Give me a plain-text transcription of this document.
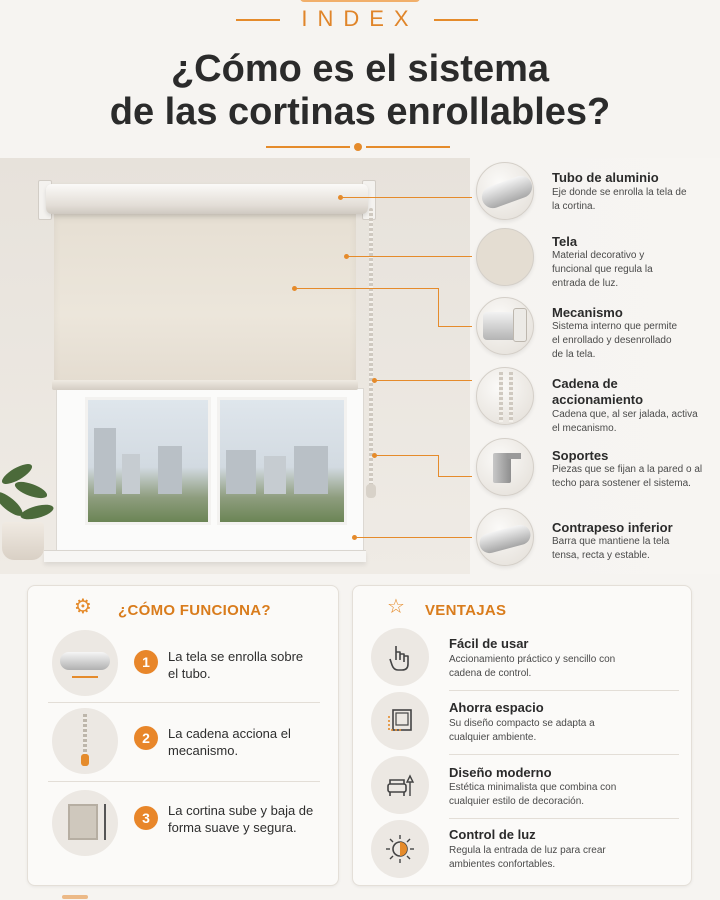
INDEX
¿Cómo es el sistema
de las cortinas enrollables?
Tubo de aluminio
Eje donde se enrolla la tela de la cortina.
Tela
Material decorativo y funcional que regula la entrada de luz.
Mecanismo
Sistema interno que permite el enrollado y desenrollado de la tela.
Cadena de accionamiento
Cadena que, al ser jalada, activa el mecanismo.
Soportes
Piezas que se fijan a la pared o al techo para sostener el sistema.
Contrapeso inferior
Barra que mantiene la tela tensa, recta y estable.
⚙ ¿CÓMO FUNCIONA?
1	La tela se enrolla sobre el tubo.
2	La cadena acciona el mecanismo.
3	La cortina sube y baja de forma suave y segura.
☆ VENTAJAS
Fácil de usar
Accionamiento práctico y sencillo con cadena de control.
Ahorra espacio
Su diseño compacto se adapta a cualquier ambiente.
Diseño moderno
Estética minimalista que combina con cualquier estilo de decoración.
Control de luz
Regula la entrada de luz para crear ambientes confortables.
